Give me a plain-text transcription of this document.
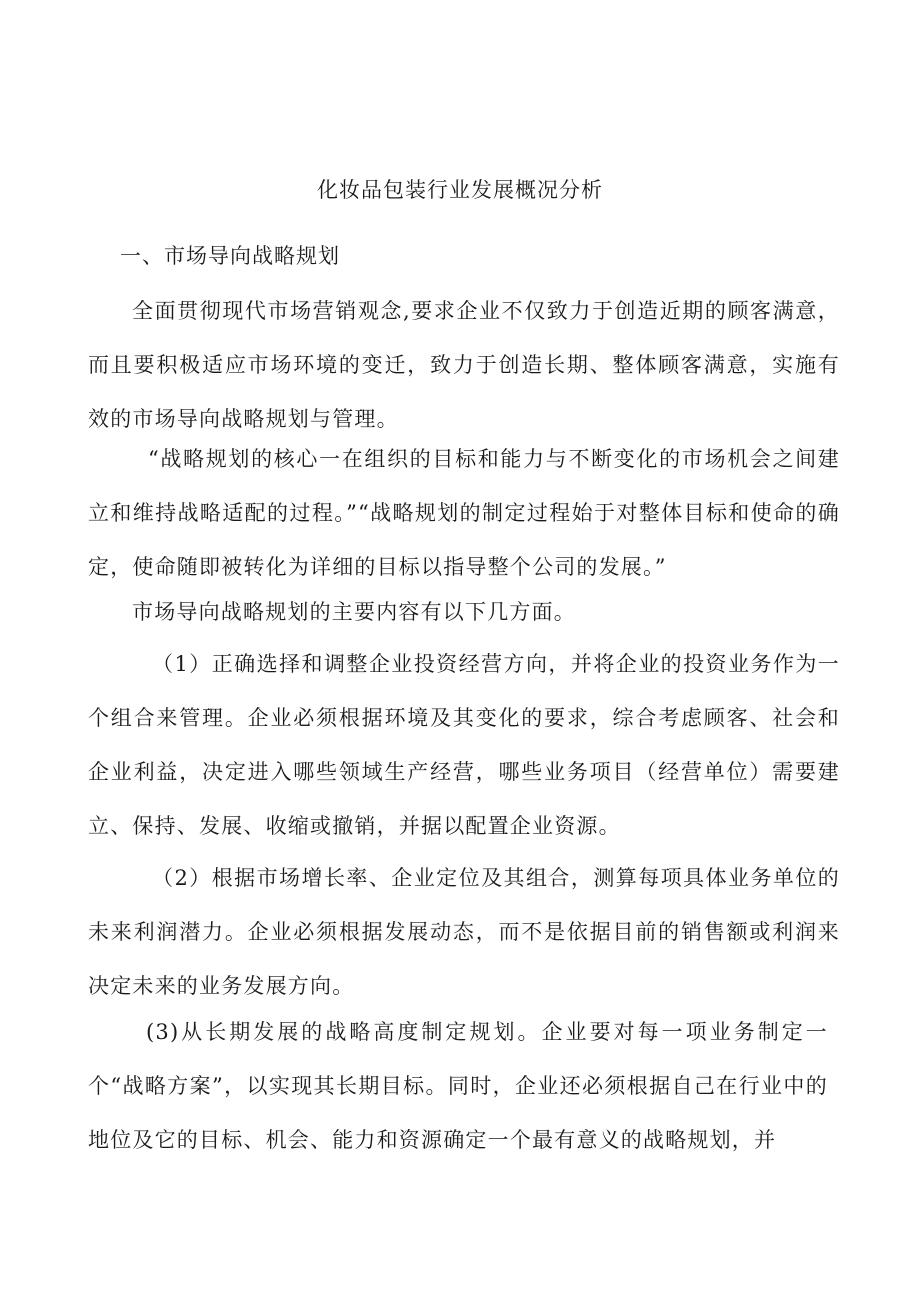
化妆品包装行业发展概况分析
一、市场导向战略规划

全面贯彻现代市场营销观念,要求企业不仅致力于创造近期的顾客满意，而且要积极适应市场环境的变迁，致力于创造长期、整体顾客满意，实施有效的市场导向战略规划与管理。

“战略规划的核心一在组织的目标和能力与不断变化的市场机会之间建立和维持战略适配的过程。”“战略规划的制定过程始于对整体目标和使命的确定，使命随即被转化为详细的目标以指导整个公司的发展。”

市场导向战略规划的主要内容有以下几方面。

（1）正确选择和调整企业投资经营方向，并将企业的投资业务作为一个组合来管理。企业必须根据环境及其变化的要求，综合考虑顾客、社会和企业利益，决定进入哪些领域生产经营，哪些业务项目（经营单位）需要建立、保持、发展、收缩或撤销，并据以配置企业资源。

（2）根据市场增长率、企业定位及其组合，测算每项具体业务单位的未来利润潜力。企业必须根据发展动态，而不是依据目前的销售额或利润来决定未来的业务发展方向。

(3)从长期发展的战略高度制定规划。企业要对每一项业务制定一个“战略方案”，以实现其长期目标。同时，企业还必须根据自己在行业中的地位及它的目标、机会、能力和资源确定一个最有意义的战略规划，并
